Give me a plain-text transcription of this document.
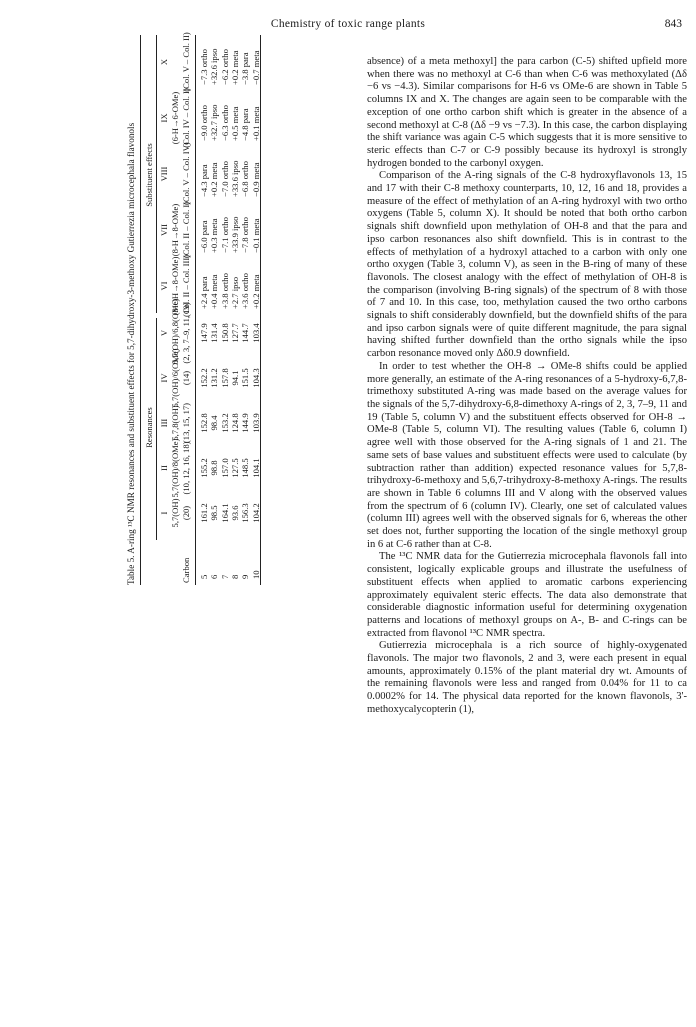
Chemistry of toxic range plants	843
Table 5. A-ring ¹³C NMR resonances and substituent effects for 5,7-dihydroxy-3-methoxy Gutierrezia microcephala flavonols Resonances
Substituent effects
I 5,7(OH) (20)
II 5,7(OH)/8(OMe) (10, 12, 16, 18)
III 5,7,8(OH) (13, 15, 17)
IV 5,7(OH)/6(OMe) (14)
V 5,7(OH)/6,8(OMe) (2, 3, 7–9, 11, 19)
VI (8-OH→8-OMe) (Col. II – Col. III)
VII (8-H→8-OMe) (Col. II – Col. I)
VIII (Col. V – Col. IV)
IX (6-H→6-OMe) (Col. IV – Col. I)
X (Col. V – Col. II)
Carbon 5
161.2
155.2
152.8
152.2
147.9
+2.4 para
−6.0 para
−4.3 para
−9.0 ortho
−7.3 ortho
6
98.5
98.8
98.4
131.2
131.4
+0.4 meta
+0.3 meta
+0.2 meta
+32.7 ipso
+32.6 ipso
7
164.1
157.0
153.2
157.8
150.8
+3.8 ortho
−7.1 ortho
−7.0 ortho
−6.3 ortho
−6.2 ortho
8
93.6
127.5
124.8
94.1
127.7
+2.7 ipso
+33.9 ipso
+33.6 ipso
+0.5 meta
+0.2 meta
9
156.3
148.5
144.9
151.5
144.7
+3.6 ortho
−7.8 ortho
−6.8 ortho
−4.8 para
−3.8 para
10
104.2
104.1
103.9
104.3
103.4
+0.2 meta
−0.1 meta
−0.9 meta
+0.1 meta
−0.7 meta	absence) of a meta methoxyl] the para carbon (C-5) shifted upfield more when there was no methoxyl at C-6 than when C-6 was methoxylated (Δδ −6 vs −4.3). Similar comparisons for H-6 vs OMe-6 are shown in Table 5 columns IX and X. The changes are again seen to be comparable with the exception of one ortho carbon shift which is greater in the absence of a second methoxyl at C-8 (Δδ −9 vs −7.3). In this case, the carbon displaying the shift variance was again C-5 which suggests that it is more sensitive to steric effects than C-7 or C-9 possibly because its hydroxyl is strongly hydrogen bonded to the carbonyl oxygen.

Comparison of the A-ring signals of the C-8 hydroxyflavonols 13, 15 and 17 with their C-8 methoxy counterparts, 10, 12, 16 and 18, provides a measure of the effect of methylation of an A-ring hydroxyl with two ortho oxygens (Table 5, column X). It should be noted that both ortho carbon signals shift downfield upon methylation of OH-8 and that the para and ipso carbon resonances also shift downfield. This is in contrast to the effects of methylation of a hydroxyl attached to a carbon with only one ortho oxygen (Table 3, column V), as seen in the B-ring of many of these flavonols. The closest analogy with the effect of methylation of OH-8 is the comparison (involving B-ring signals) of the spectrum of 8 with those of 7 and 10. In this case, too, methylation caused the two ortho carbons signals to shift considerably downfield, but the downfield shifts of the para and ipso carbon signals were of quite different magnitude, the para signal having shifted further downfield than the ortho signals while the ipso carbon resonance moved only Δδ0.9 downfield.

In order to test whether the OH-8 → OMe-8 shifts could be applied more generally, an estimate of the A-ring resonances of a 5-hydroxy-6,7,8-trimethoxy substituted A-ring was made based on the average values for the signals of the 5,7-dihydroxy-6,8-dimethoxy A-rings of 2, 3, 7–9, 11 and 19 (Table 5, column V) and the substituent effects observed for OH-8 → OMe-8 (Table 5, column VI). The resulting values (Table 6, column I) agree well with those observed for the A-ring signals of 1 and 21. The same sets of base values and substituent effects were used to calculate (by subtraction rather than addition) expected resonance values for 5,7,8-trihydroxy-6-methoxy and 5,6,7-trihydroxy-8-methoxy A-rings. The results are shown in Table 6 columns III and V along with the observed values from the spectrum of 6 (column IV). Clearly, one set of calculated values (column III) agrees well with the observed signals for 6, whereas the other set does not, further supporting the location of the single methoxyl group in 6 at C-6 rather than at C-8.

The ¹³C NMR data for the Gutierrezia microcephala flavonols fall into consistent, logically explicable groups and illustrate the usefulness of substituent effects when applied to aromatic carbons experiencing approximately equivalent steric effects. The data also demonstrate that considerable diagnostic information useful for determining oxygenation patterns and locations of methoxyl groups on A-, B- and C-rings can be extracted from flavonol ¹³C NMR spectra.

Gutierrezia microcephala is a rich source of highly-oxygenated flavonols. The major two flavonols, 2 and 3, were each present in equal amounts, approximately 0.15% of the plant material dry wt. Amounts of the remaining flavonols were less and ranged from 0.04% for 11 to ca 0.0002% for 14. The physical data reported for the known flavonols, 3'-methoxycalycopterin (1),
